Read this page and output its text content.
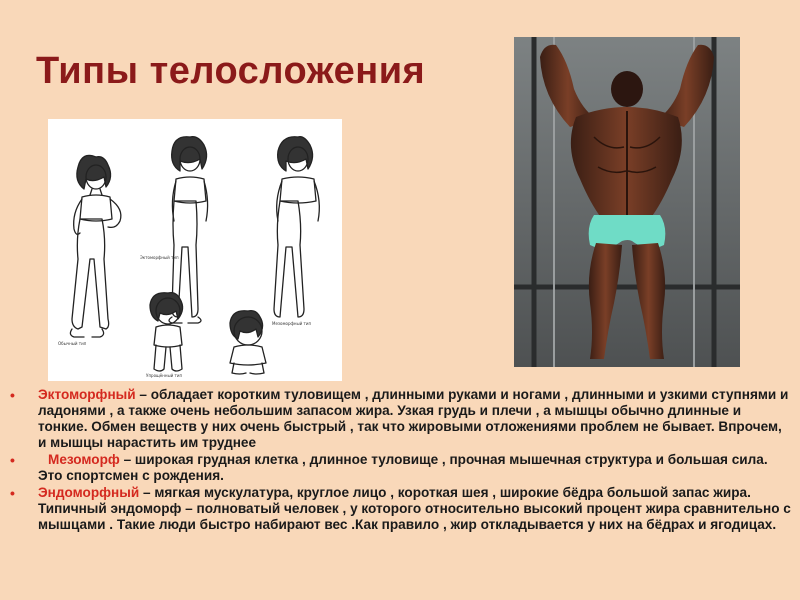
Типы телосложения
Обычный тип
Эктоморфный тип
Мезоморфный тип
Упрощённый тип
• Эктоморфный – обладает коротким туловищем , длинными руками и ногами , длинными и узкими ступнями и ладонями , а также очень небольшим запасом жира. Узкая грудь и плечи , а мышцы обычно длинные и тонкие. Обмен веществ у них очень быстрый , так что жировыми отложениями проблем не бывает. Впрочем, и мышцы нарастить им труднее
• Мезоморф – широкая грудная клетка , длинное туловище , прочная мышечная структура и большая сила. Это спортсмен с рождения.
• Эндоморфный – мягкая мускулатура, круглое лицо , короткая шея , широкие бёдра большой запас жира. Типичный эндоморф – полноватый человек , у которого относительно высокий процент жира сравнительно с мышцами . Такие люди быстро набирают вес .Как правило , жир откладывается у них на бёдрах и ягодицах.
